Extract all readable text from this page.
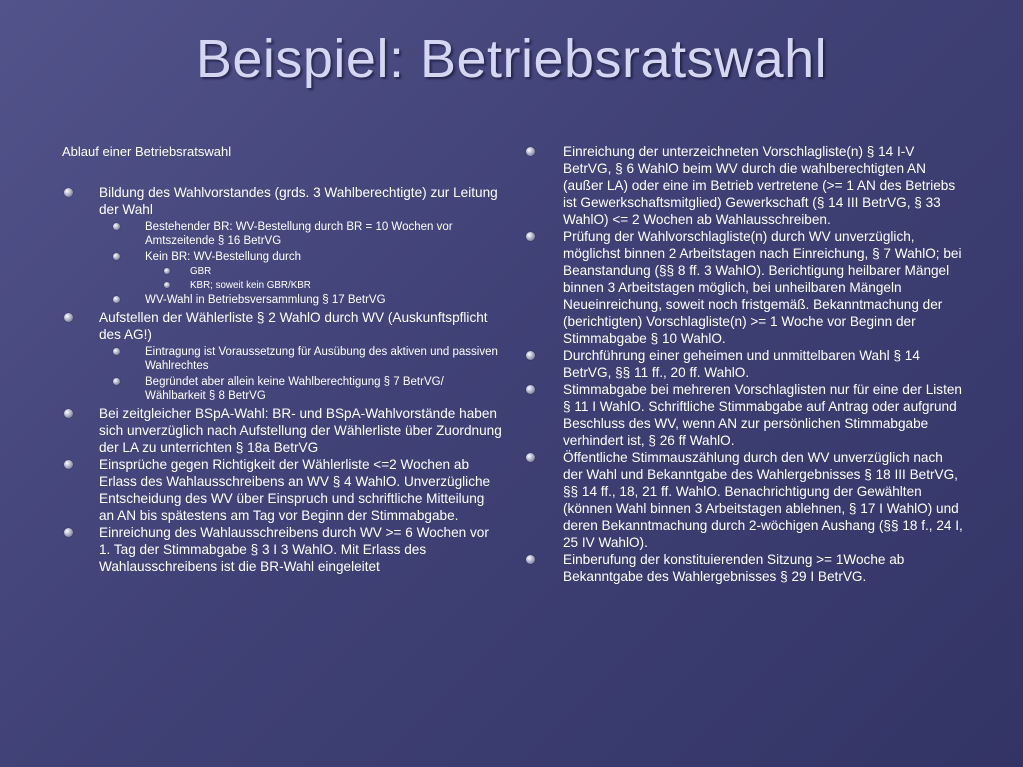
Beispiel: Betriebsratswahl
Ablauf einer Betriebsratswahl
Bildung des Wahlvorstandes (grds. 3 Wahlberechtigte) zur Leitung der Wahl
Bestehender BR: WV-Bestellung durch BR = 10 Wochen vor Amtszeitende § 16 BetrVG
Kein BR: WV-Bestellung durch
GBR
KBR; soweit kein GBR/KBR
WV-Wahl in Betriebsversammlung § 17 BetrVG
Aufstellen der Wählerliste § 2 WahlO durch WV (Auskunftspflicht des AG!)
Eintragung ist Voraussetzung für Ausübung des aktiven und passiven Wahlrechtes
Begründet aber allein keine Wahlberechtigung § 7 BetrVG/ Wählbarkeit § 8 BetrVG
Bei zeitgleicher BSpA-Wahl: BR- und BSpA-Wahlvorstände haben sich unverzüglich nach Aufstellung der Wählerliste über Zuordnung der LA zu unterrichten § 18a BetrVG
Einsprüche gegen Richtigkeit der Wählerliste <=2 Wochen ab Erlass des Wahlausschreibens an WV § 4 WahlO. Unverzügliche Entscheidung des WV über Einspruch und schriftliche Mitteilung an AN bis spätestens am Tag vor Beginn der Stimmabgabe.
Einreichung des Wahlausschreibens durch WV >= 6 Wochen vor 1. Tag der Stimmabgabe § 3 I 3 WahlO. Mit Erlass des Wahlausschreibens ist die BR-Wahl eingeleitet
Einreichung der unterzeichneten Vorschlagliste(n) § 14 I-V BetrVG, § 6 WahlO beim WV durch die wahlberechtigten AN (außer LA) oder eine im Betrieb vertretene (>= 1 AN des Betriebs ist Gewerkschaftsmitglied) Gewerkschaft (§ 14 III BetrVG, § 33 WahlO) <= 2 Wochen ab Wahlausschreiben.
Prüfung der Wahlvorschlagliste(n) durch WV unverzüglich, möglichst binnen 2 Arbeitstagen nach Einreichung, § 7 WahlO; bei Beanstandung (§§ 8 ff. 3 WahlO). Berichtigung heilbarer Mängel binnen 3 Arbeitstagen möglich, bei unheilbaren Mängeln Neueinreichung, soweit noch fristgemäß. Bekanntmachung der (berichtigten) Vorschlagliste(n) >= 1 Woche vor Beginn der Stimmabgabe § 10 WahlO.
Durchführung einer geheimen und unmittelbaren Wahl § 14 BetrVG, §§ 11 ff., 20 ff. WahlO.
Stimmabgabe bei mehreren Vorschlaglisten nur für eine der Listen § 11 I WahlO. Schriftliche Stimmabgabe auf Antrag oder aufgrund Beschluss des WV, wenn AN zur persönlichen Stimmabgabe verhindert ist, § 26 ff WahlO.
Öffentliche Stimmauszählung durch den WV unverzüglich nach der Wahl und Bekanntgabe des Wahlergebnisses § 18 III BetrVG, §§ 14 ff., 18, 21 ff. WahlO. Benachrichtigung der Gewählten (können Wahl binnen 3 Arbeitstagen ablehnen, § 17 I WahlO) und deren Bekanntmachung durch 2-wöchigen Aushang (§§ 18 f., 24 I, 25 IV WahlO).
Einberufung der konstituierenden Sitzung >= 1Woche ab Bekanntgabe des Wahlergebnisses § 29 I BetrVG.
